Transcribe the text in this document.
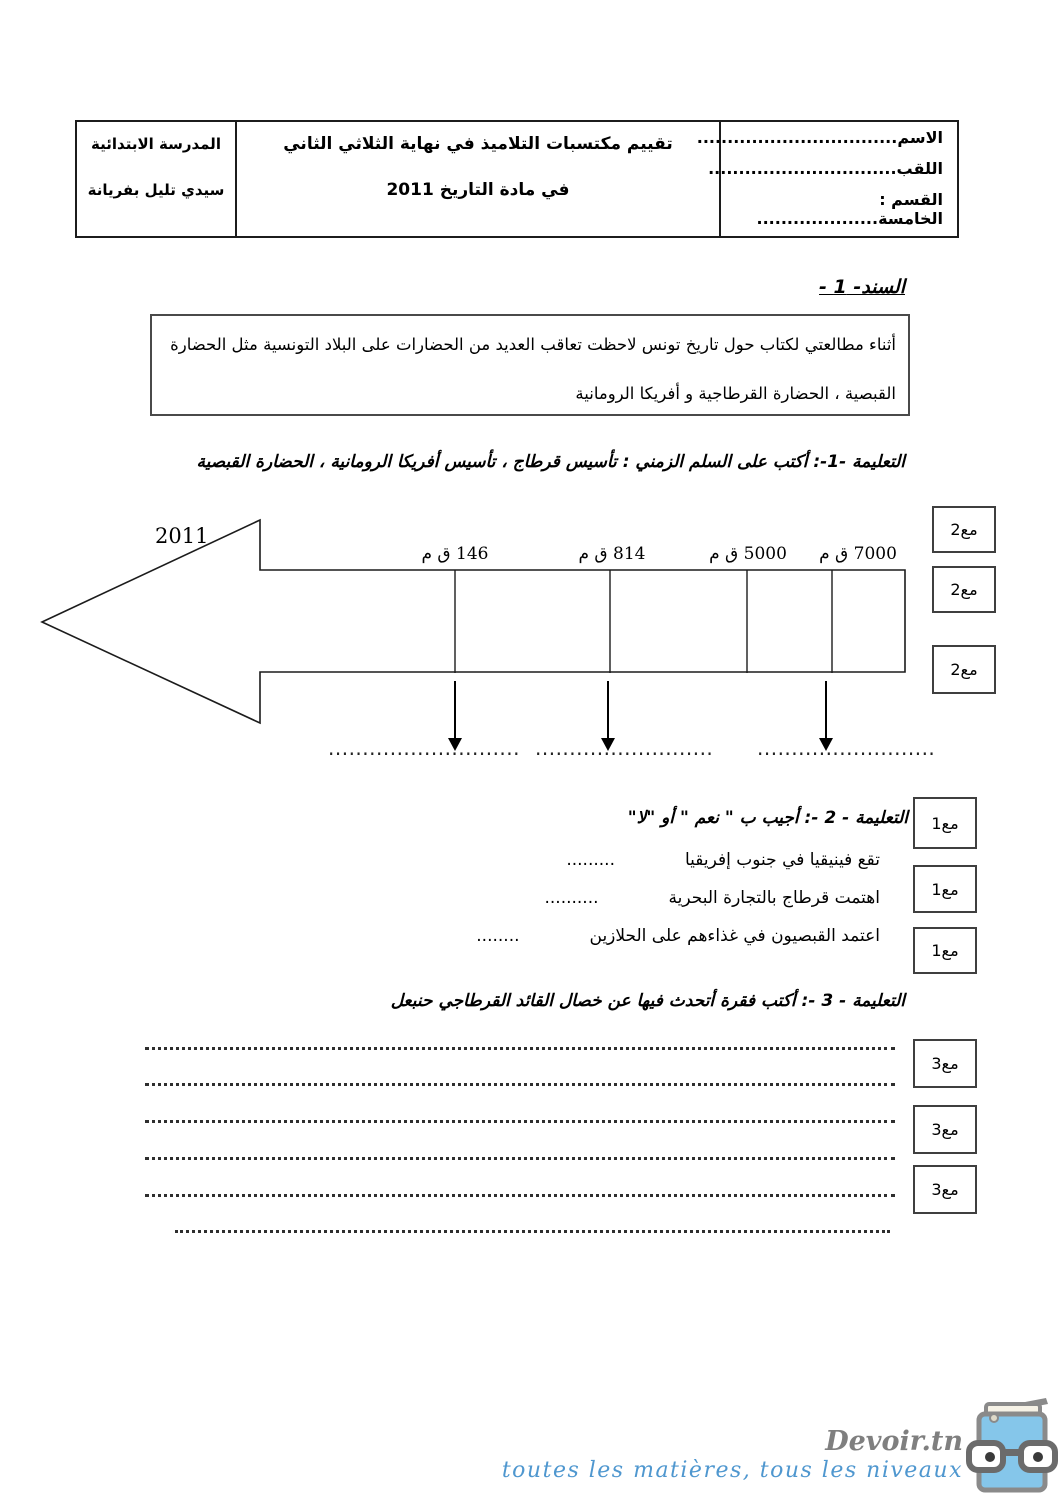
الاسم.................................
اللقب...............................
القسم : الخامسة....................
تقييم مكتسبات التلاميذ في نهاية الثلاثي الثاني
في مادة التاريخ 2011
المدرسة الابتدائية
سيدي تليل بفريانة
السند- 1 -
أثناء مطالعتي لكتاب حول تاريخ تونس لاحظت تعاقب العديد من الحضارات على البلاد التونسية مثل الحضارة القبصية ، الحضارة القرطاجية و أفريكا الرومانية
التعليمة -1-: أكتب على السلم الزمني : تأسيس قرطاج ، تأسيس أفريكا الرومانية ، الحضارة القبصية
2011
7000 ق م
5000 ق م
814 ق م
146 ق م
............................ .......................... ..........................
مع2
مع2
مع2
التعليمة - 2 -: أجيب ب " نعم " أو "لا"
تقع فينيقيا في جنوب إفريقيا.........
اهتمت قرطاج بالتجارة البحرية..........
اعتمد القبصيون في غذاءهم على الحلازين........
مع1
مع1
مع1
التعليمة - 3 -: أكتب فقرة أتحدث فيها عن خصال القائد القرطاجي حنبعل
مع3
مع3
مع3
Devoir.tn
toutes les matières, tous les niveaux
